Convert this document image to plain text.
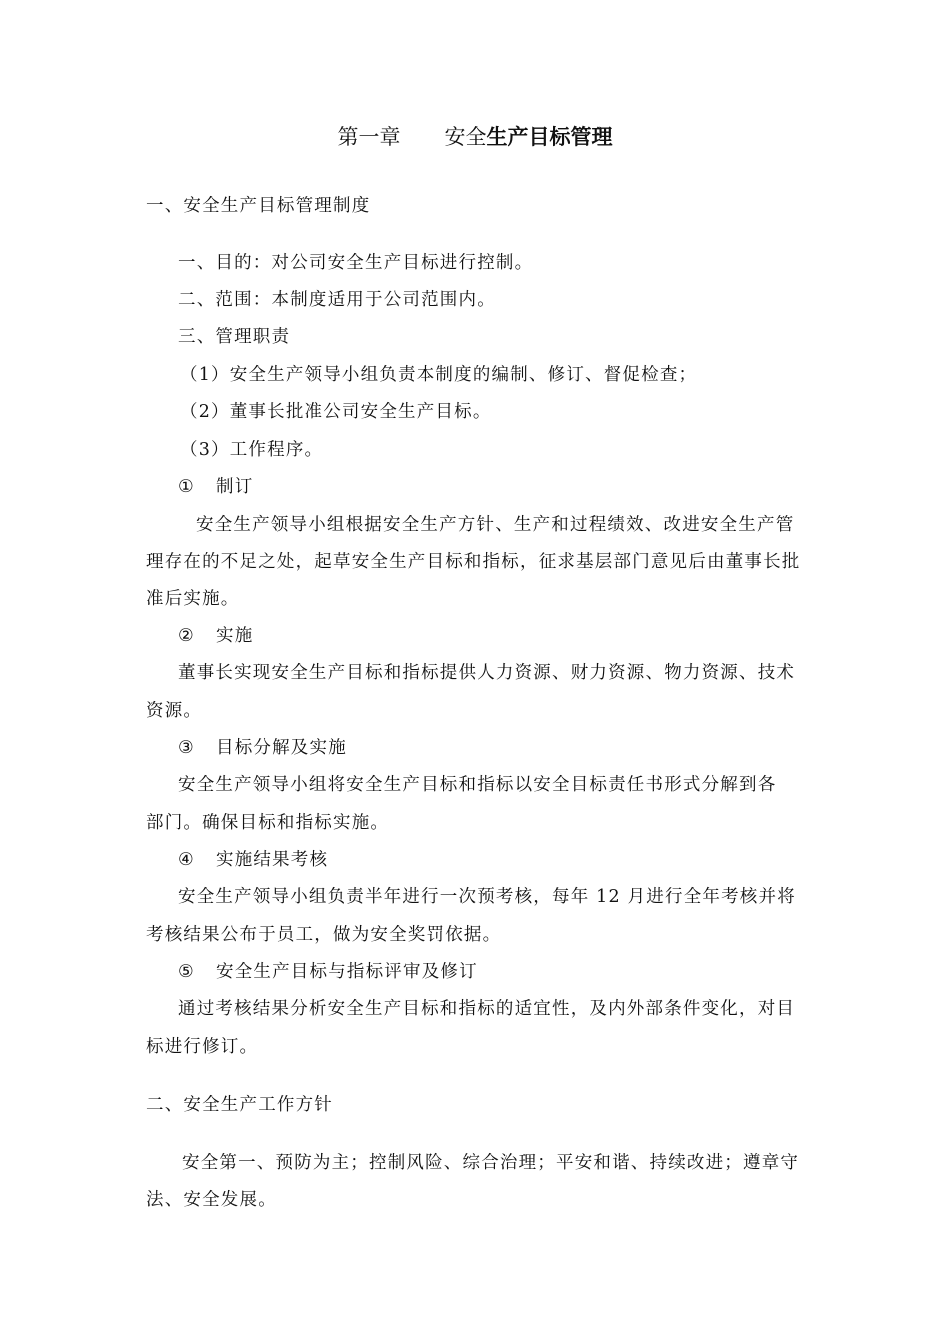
第一章 安全生产目标管理
一、安全生产目标管理制度
一、目的：对公司安全生产目标进行控制。
二、范围：本制度适用于公司范围内。
三、管理职责
（1）安全生产领导小组负责本制度的编制、修订、督促检查；
（2）董事长批准公司安全生产目标。
（3）工作程序。
① 制订
安全生产领导小组根据安全生产方针、生产和过程绩效、改进安全生产管
理存在的不足之处，起草安全生产目标和指标，征求基层部门意见后由董事长批
准后实施。
② 实施
董事长实现安全生产目标和指标提供人力资源、财力资源、物力资源、技术
资源。
③ 目标分解及实施
安全生产领导小组将安全生产目标和指标以安全目标责任书形式分解到各
部门。确保目标和指标实施。
④ 实施结果考核
安全生产领导小组负责半年进行一次预考核，每年 12 月进行全年考核并将
考核结果公布于员工，做为安全奖罚依据。
⑤ 安全生产目标与指标评审及修订
通过考核结果分析安全生产目标和指标的适宜性，及内外部条件变化，对目
标进行修订。
二、安全生产工作方针
安全第一、预防为主；控制风险、综合治理；平安和谐、持续改进；遵章守
法、安全发展。
